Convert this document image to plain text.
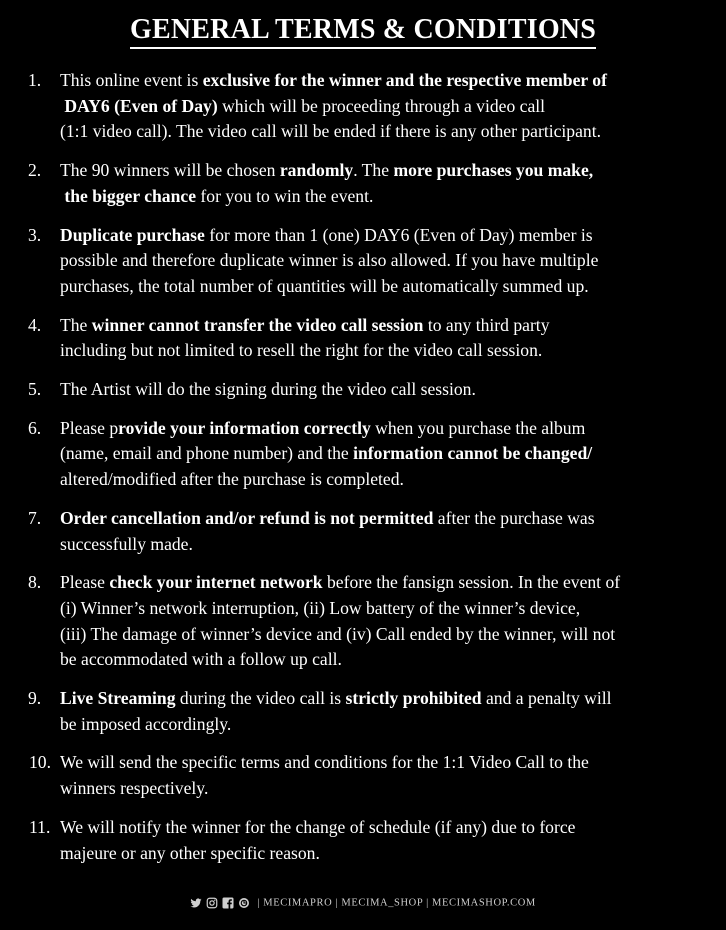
GENERAL TERMS & CONDITIONS
1. This online event is exclusive for the winner and the respective member of
DAY6 (Even of Day) which will be proceeding through a video call
(1:1 video call). The video call will be ended if there is any other participant.
2. The 90 winners will be chosen randomly. The more purchases you make,
the bigger chance for you to win the event.
3. Duplicate purchase for more than 1 (one) DAY6 (Even of Day) member is
possible and therefore duplicate winner is also allowed. If you have multiple
purchases, the total number of quantities will be automatically summed up.
4. The winner cannot transfer the video call session to any third party
including but not limited to resell the right for the video call session.
5. The Artist will do the signing during the video call session.
6. Please provide your information correctly when you purchase the album
(name, email and phone number) and the information cannot be changed/
altered/modified after the purchase is completed.
7. Order cancellation and/or refund is not permitted after the purchase was
successfully made.
8. Please check your internet network before the fansign session. In the event of
(i) Winner’s network interruption, (ii) Low battery of the winner’s device,
(iii) The damage of winner’s device and (iv) Call ended by the winner, will not
be accommodated with a follow up call.
9. Live Streaming during the video call is strictly prohibited and a penalty will
be imposed accordingly.
10. We will send the specific terms and conditions for the 1:1 Video Call to the
winners respectively.
11. We will notify the winner for the change of schedule (if any) due to force
majeure or any other specific reason.
| MECIMAPRO | MECIMA_SHOP | MECIMASHOP.COM
